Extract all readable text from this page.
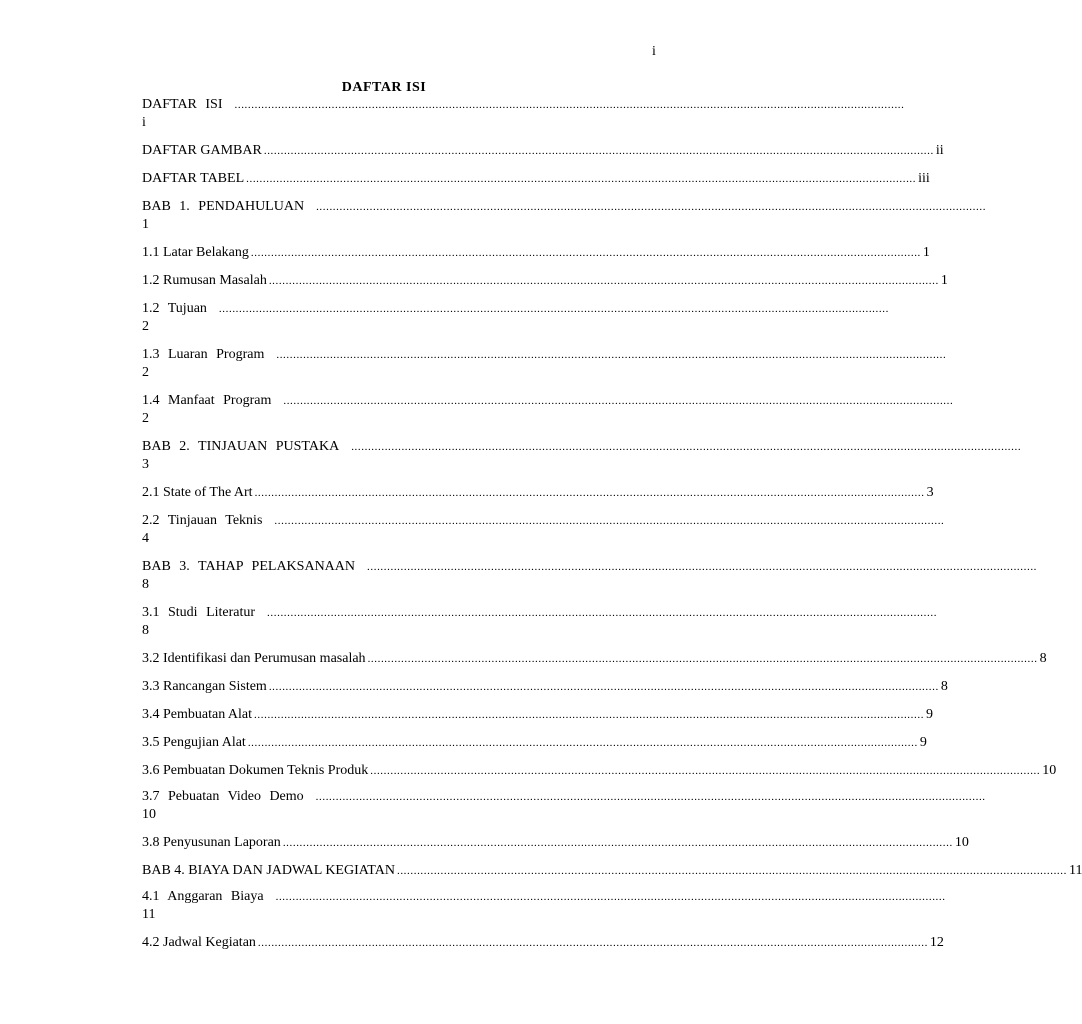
i
DAFTAR ISI
DAFTAR ISI ........................................................................................................................................................................................................
i
DAFTAR GAMBAR ........................................................................................................................................................................................................ ii
DAFTAR TABEL ........................................................................................................................................................................................................ iii
BAB 1. PENDAHULUAN ........................................................................................................................................................................................................
1
1.1 Latar Belakang ........................................................................................................................................................................................................ 1
1.2 Rumusan Masalah ........................................................................................................................................................................................................ 1
1.2 Tujuan ........................................................................................................................................................................................................
2
1.3 Luaran Program ........................................................................................................................................................................................................
2
1.4 Manfaat Program ........................................................................................................................................................................................................
2
BAB 2. TINJAUAN PUSTAKA ........................................................................................................................................................................................................
3
2.1 State of The Art ........................................................................................................................................................................................................ 3
2.2 Tinjauan Teknis ........................................................................................................................................................................................................
4
BAB 3. TAHAP PELAKSANAAN ........................................................................................................................................................................................................
8
3.1 Studi Literatur ........................................................................................................................................................................................................
8
3.2 Identifikasi dan Perumusan masalah ........................................................................................................................................................................................................ 8
3.3 Rancangan Sistem ........................................................................................................................................................................................................ 8
3.4 Pembuatan Alat ........................................................................................................................................................................................................ 9
3.5 Pengujian Alat ........................................................................................................................................................................................................ 9
3.6 Pembuatan Dokumen Teknis Produk ........................................................................................................................................................................................................ 10
3.7 Pebuatan Video Demo ........................................................................................................................................................................................................
10
3.8 Penyusunan Laporan ........................................................................................................................................................................................................ 10
BAB 4. BIAYA DAN JADWAL KEGIATAN ........................................................................................................................................................................................................ 11
4.1 Anggaran Biaya ........................................................................................................................................................................................................
11
4.2 Jadwal Kegiatan ........................................................................................................................................................................................................ 12
